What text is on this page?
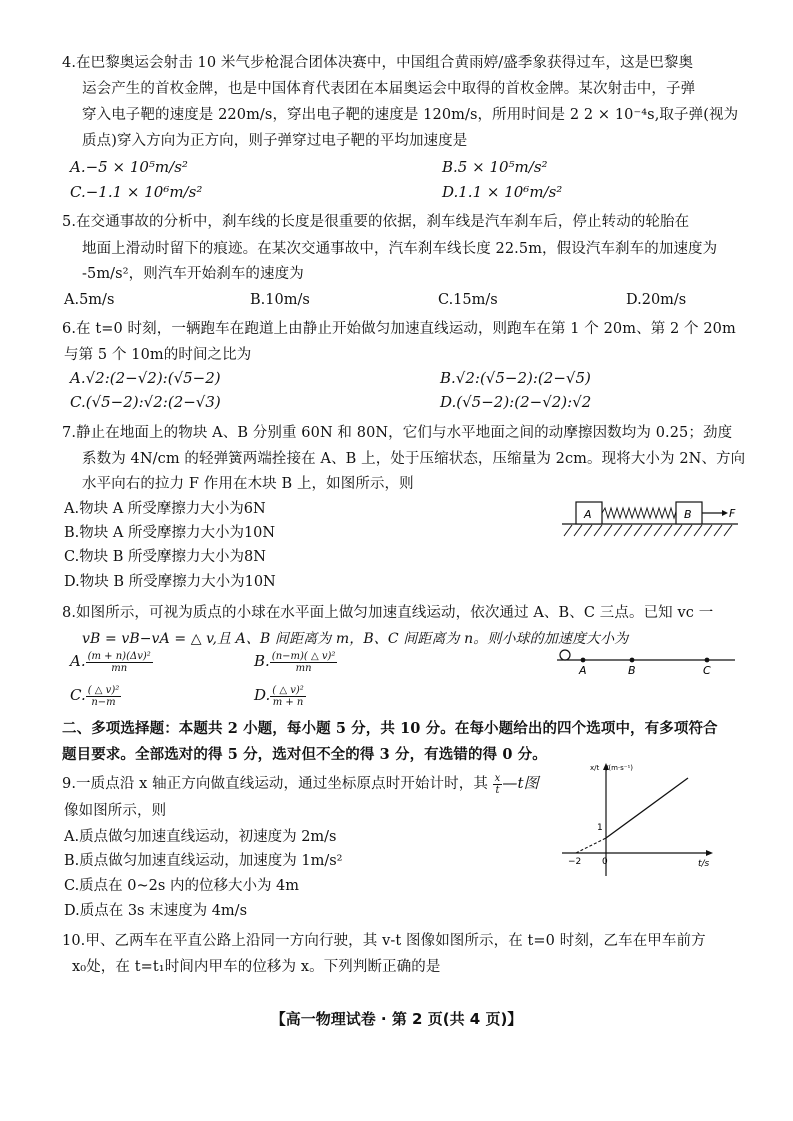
4.在巴黎奥运会射击 10 米气步枪混合团体决赛中，中国组合黄雨婷/盛季象获得过车，这是巴黎奥
运会产生的首枚金牌，也是中国体育代表团在本届奥运会中取得的首枚金牌。某次射击中，子弹
穿入电子靶的速度是 220m/s，穿出电子靶的速度是 120m/s，所用时间是 2 2 × 10⁻⁴s,取子弹(视为
质点)穿入方向为正方向，则子弹穿过电子靶的平均加速度是
A.−5 × 10⁵m/s²	B.5 × 10⁵m/s²
C.−1.1 × 10⁶m/s²	D.1.1 × 10⁶m/s²
5.在交通事故的分析中，刹车线的长度是很重要的依据，刹车线是汽车刹车后，停止转动的轮胎在
地面上滑动时留下的痕迹。在某次交通事故中，汽车刹车线长度 22.5m，假设汽车刹车的加速度为
-5m/s²，则汽车开始刹车的速度为
A.5m/s	B.10m/s	C.15m/s	D.20m/s
6.在 t=0 时刻，一辆跑车在跑道上由静止开始做匀加速直线运动，则跑车在第 1 个 20m、第 2 个 20m
与第 5 个 10m的时间之比为
A.√2:(2−√2):(√5−2)	B.√2:(√5−2):(2−√5)
C.(√5−2):√2:(2−√3)	D.(√5−2):(2−√2):√2
7.静止在地面上的物块 A、B 分别重 60N 和 80N，它们与水平地面之间的动摩擦因数均为 0.25；劲度
系数为 4N/cm 的轻弹簧两端拴接在 A、B 上，处于压缩状态，压缩量为 2cm。现将大小为 2N、方向
水平向右的拉力 F 作用在木块 B 上，如图所示，则
A.物块 A 所受摩擦力大小为6N
B.物块 A 所受摩擦力大小为10N
C.物块 B 所受摩擦力大小为8N
D.物块 B 所受摩擦力大小为10N
A	B	F
8.如图所示，可视为质点的小球在水平面上做匀加速直线运动，依次通过 A、B、C 三点。已知 vc 一
vB = vB−vA = △ v,且 A、B 间距离为 m，B、C 间距离为 n。则小球的加速度大小为
A. $\frac{\text{(m + n)(Δv)²}}{mn}$	B. $\frac{\text{(n−m)( △ v)²}}{mn}$
C. $\frac{\text{( △ v)²}}{n-m}$	D. $\frac{\text{( △ v)²}}{m + n}$
A	B	C
二、多项选择题：本题共 2 小题，每小题 5 分，共 10 分。在每小题给出的四个选项中，有多项符合
题目要求。全部选对的得 5 分，选对但不全的得 3 分，有选错的得 0 分。
9.一质点沿 x 轴正方向做直线运动，通过坐标原点时开始计时，其 $\frac{x}{t}$ —t图
像如图所示，则
A.质点做匀加速直线运动，初速度为 2m/s
B.质点做匀加速直线运动，加速度为 1m/s²
C.质点在 0~2s 内的位移大小为 4m
D.质点在 3s 末速度为 4m/s
x/t /(m·s⁻¹)
1
−2 0	t/s
10.甲、乙两车在平直公路上沿同一方向行驶，其 v-t 图像如图所示，在 t=0 时刻，乙车在甲车前方
x₀处，在 t=t₁时间内甲车的位移为 x。下列判断正确的是
【高一物理试卷 · 第 2 页(共 4 页)】
